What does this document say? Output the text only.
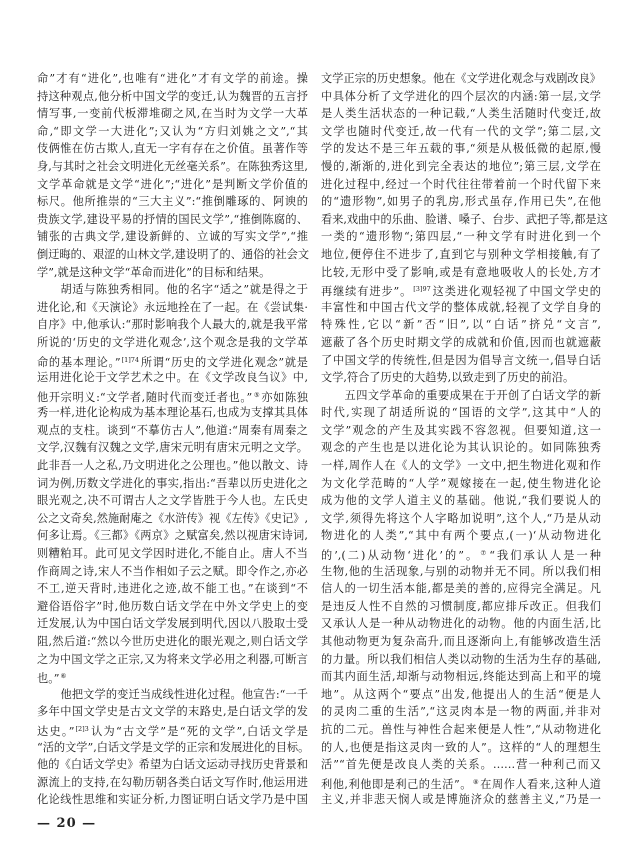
命”才有“进化”,也唯有“进化”才有文学的前途。操
持这种观点,他分析中国文学的变迁,认为魏晋的五言抒
情写事,一变前代板滞堆砌之风,在当时为文学一大革
命,“即文学一大进化”;又认为“方归刘姚之文”,“其
伎俩惟在仿古欺人,直无一字有存在之价值。虽著作等
身,与其时之社会文明进化无丝毫关系”。在陈独秀这里,
文学革命就是文学“进化”;“进化”是判断文学价值的
标尺。他所推崇的“三大主义”:“推倒雕琢的、阿谀的
贵族文学,建设平易的抒情的国民文学”,“推倒陈腐的、
铺张的古典文学,建设新鲜的、立诚的写实文学”,“推
倒迂晦的、艰涩的山林文学,建设明了的、通俗的社会文
学”,就是这种文学“革命而进化”的目标和结果。
胡适与陈独秀相同。他的名字“适之”就是得之于
进化论,和《天演论》永远地拴在了一起。在《尝试集·
自序》中,他承认:“那时影响我个人最大的,就是我平常
所说的‘历史的文学进化观念’,这个观念是我的文学革
命的基本理论。”$^{[1]74}$所谓“历史的文学进化观念”就是
运用进化论于文学艺术之中。在《文学改良刍议》中,
他开宗明义:“文学者,随时代而变迁者也。”⑤亦如陈独
秀一样,进化论构成为基本理论基石,也成为支撑其具体
观点的支柱。谈到“不摹仿古人”,他道:“周秦有周秦之
文学,汉魏有汉魏之文学,唐宋元明有唐宋元明之文学。
此非吾一人之私,乃文明进化之公理也。”他以散文、诗
词为例,历数文学进化的事实,指出:“吾辈以历史进化之
眼光观之,决不可谓古人之文学皆胜于今人也。左氏史
公之文奇矣,然施耐庵之《水浒传》视《左传》《史记》,
何多让焉。《三都》《两京》之赋富矣,然以视唐宋诗词,
则糟粕耳。此可见文学因时进化,不能自止。唐人不当
作商周之诗,宋人不当作相如子云之赋。即令作之,亦必
不工,逆天背时,违进化之迹,故不能工也。”在谈到“不
避俗语俗字”时,他历数白话文学在中外文学史上的变
迁发展,认为中国白话文学发展到明代,因以八股取士受
阻,然后道:“然以今世历史进化的眼光观之,则白话文学
之为中国文学之正宗,又为将来文学必用之利器,可断言
也。”⑥
他把文学的变迁当成线性进化过程。他宣告:“一千
多年中国文学史是古文文学的末路史,是白话文学的发
达史。”$^{[2]3}$认为“古文学”是“死的文学”,白话文学是
“活的文学”,白话文学是文学的正宗和发展进化的目标。
他的《白话文学史》希望为白话文运动寻找历史背景和
源流上的支持,在勾勒历朝各类白话文写作时,他运用进
化论线性思维和实证分析,力图证明白话文学乃是中国
文学正宗的历史想象。他在《文学进化观念与戏剧改良》
中具体分析了文学进化的四个层次的内涵:第一层,文学
是人类生活状态的一种记载,“人类生活随时代变迁,故
文学也随时代变迁,故一代有一代的文学”;第二层,文
学的发达不是三年五载的事,“须是从极低微的起原,慢
慢的,渐渐的,进化到完全表达的地位”;第三层,文学在
进化过程中,经过一个时代往往带着前一个时代留下来
的“遗形物”,如男子的乳房,形式虽存,作用已失”,在他
看来,戏曲中的乐曲、脸谱、嗓子、台步、武把子等,都是这
一类的“遗形物“;第四层,“一种文学有时进化到一个
地位,便停住不进步了,直到它与别种文学相接触,有了
比较,无形中受了影响,或是有意地吸收人的长处,方才
再继续有进步”。$^{[3]97}$这类进化观轻视了中国文学史的
丰富性和中国古代文学的整体成就,轻视了文学自身的
特殊性,它以“新”否“旧”,以“白话”挤兑“文言”,
遮蔽了各个历史时期文学的成就和价值,因而也就遮蔽
了中国文学的传统性,但是因为倡导言文统一,倡导白话
文学,符合了历史的大趋势,以致走到了历史的前沿。
五四文学革命的重要成果在于开创了白话文学的新
时代,实现了胡适所说的“国语的文学”,这其中“人的
文学”观念的产生及其实践不容忽视。但要知道,这一
观念的产生也是以进化论为其认识论的。如同陈独秀
一样,周作人在《人的文学》一文中,把生物进化观和作
为文化学范畴的“人学”观嫁接在一起,使生物进化论
成为他的文学人道主义的基础。他说,“我们要说人的
文学,须得先将这个人字略加说明”,这个人,“乃是从动
物进化的人类”,“其中有两个要点,(一)‘从动物进化
的’,(二)从动物‘进化’的”。⑦“我们承认人是一种
生物,他的生活现象,与别的动物并无不同。所以我们相
信人的一切生活本能,都是美的善的,应得完全满足。凡
是违反人性不自然的习惯制度,都应排斥改正。但我们
又承认人是一种从动物进化的动物。他的内面生活,比
其他动物更为复杂高升,而且逐渐向上,有能够改造生活
的力量。所以我们相信人类以动物的生活为生存的基础,
而其内面生活,却渐与动物相远,终能达到高上和平的境
地”。从这两个“要点”出发,他提出人的生活“便是人
的灵肉二重的生活”,“这灵肉本是一物的两面,并非对
抗的二元。兽性与神性合起来便是人性”,“从动物进化
的人,也便是指这灵肉一致的人”。这样的“人的理想生
活”“首先便是改良人类的关系。……营一种利己而又
利他,利他即是利己的生活”。⑧在周作人看来,这种人道
主义,并非悲天悯人或是博施济众的慈善主义,“乃是一
— 20 —
